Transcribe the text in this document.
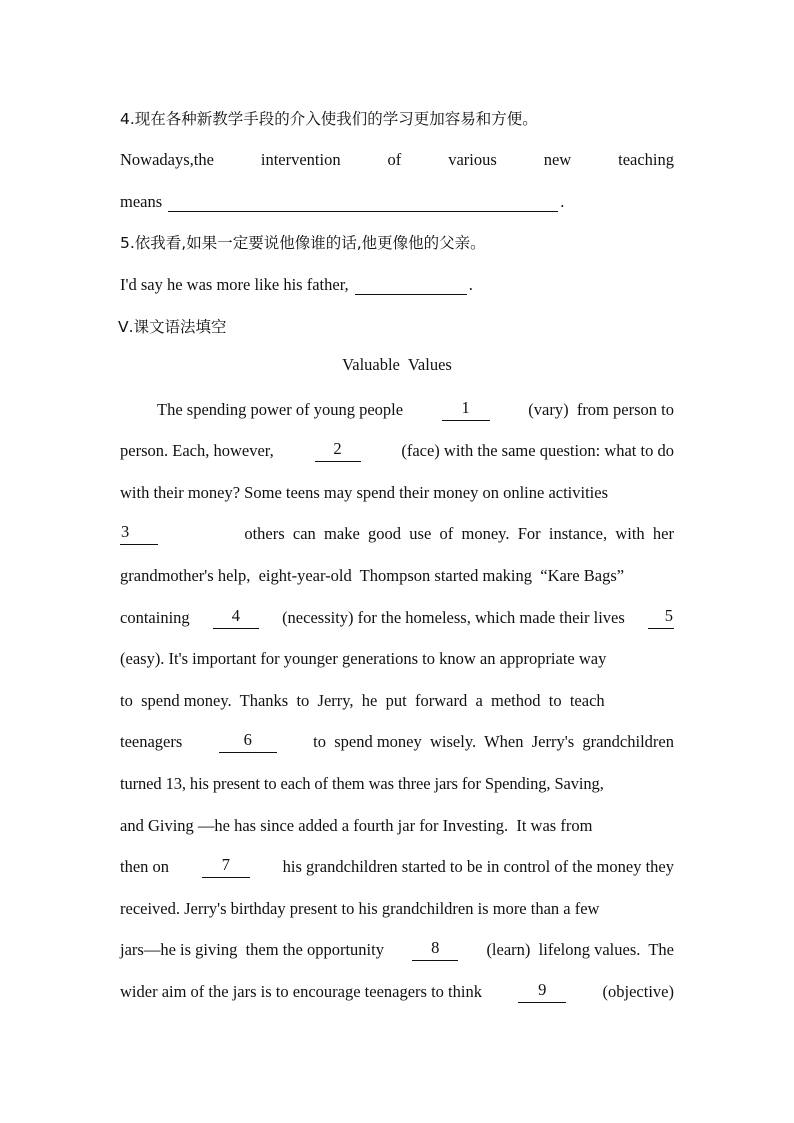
4.现在各种新教学手段的介入使我们的学习更加容易和方便。
Nowadays,the	intervention	of	various	new	teaching
means	.
5.依我看,如果一定要说他像谁的话,他更像他的父亲。
I'd say he was more like his father,	.
Ⅴ.课文语法填空
Valuable  Values
The spending power of young people	1	(vary)  from person to
person. Each, however,	2	(face) with the same question: what to do
with their money? Some teens may spend their money on online activities
3	others  can  make  good  use  of  money.  For  instance,  with  her
grandmother's help,  eight-year-old  Thompson started making  “Kare Bags”
containing	4	(necessity) for the homeless, which made their lives	5
(easy). It's important for younger generations to know an appropriate way
to  spend money.  Thanks  to  Jerry,  he  put  forward  a  method  to  teach
teenagers	6	to  spend money  wisely.  When  Jerry's  grandchildren
turned 13, his present to each of them was three jars for Spending, Saving,
and Giving —he has since added a fourth jar for Investing.  It was from
then on	7	his grandchildren started to be in control of the money they
received. Jerry's birthday present to his grandchildren is more than a few
jars—he is giving  them the opportunity	8	(learn)  lifelong values.  The
wider aim of the jars is to encourage teenagers to think	9	(objective)
